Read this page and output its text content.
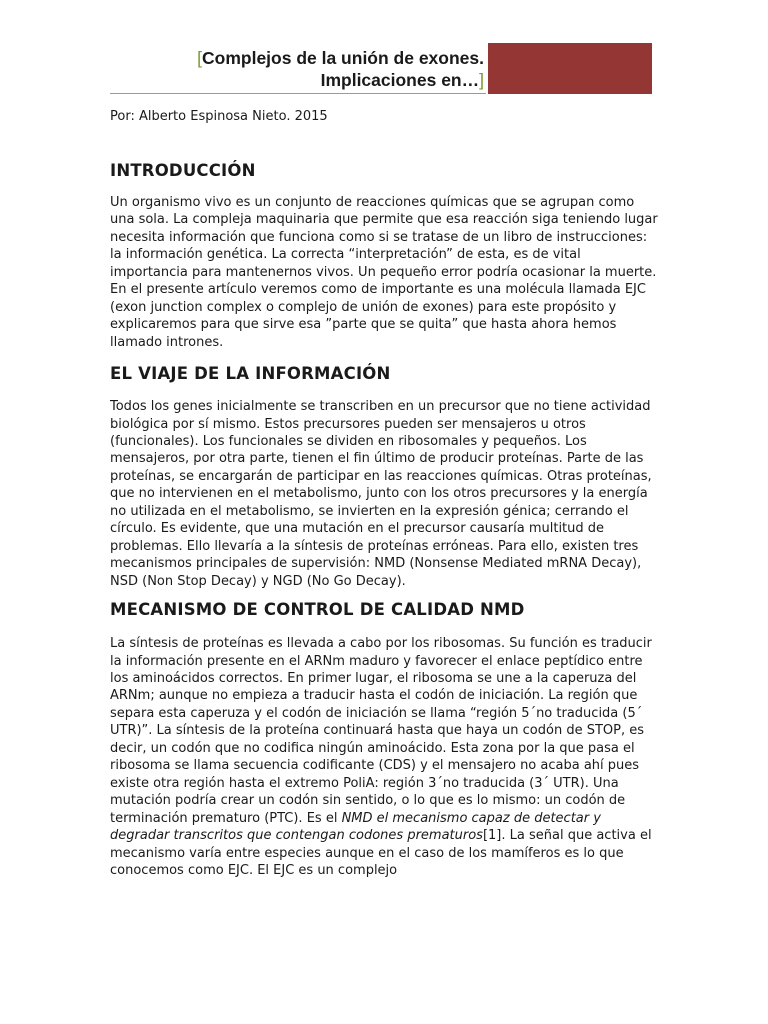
[Complejos de la unión de exones.
Implicaciones en…]
Por: Alberto Espinosa Nieto. 2015
INTRODUCCIÓN

Un organismo vivo es un conjunto de reacciones químicas que se agrupan como una sola. La compleja maquinaria que permite que esa reacción siga teniendo lugar necesita información que funciona como si se tratase de un libro de instrucciones: la información genética. La correcta “interpretación” de esta, es de vital importancia para mantenernos vivos. Un pequeño error podría ocasionar la muerte. En el presente artículo veremos como de importante es una molécula llamada EJC (exon junction complex o complejo de unión de exones) para este propósito y explicaremos para que sirve esa ”parte que se quita” que hasta ahora hemos llamado intrones.

EL VIAJE DE LA INFORMACIÓN

Todos los genes inicialmente se transcriben en un precursor que no tiene actividad biológica por sí mismo. Estos precursores pueden ser mensajeros u otros (funcionales). Los funcionales se dividen en ribosomales y pequeños. Los mensajeros, por otra parte, tienen el fin último de producir proteínas. Parte de las proteínas, se encargarán de participar en las reacciones químicas. Otras proteínas, que no intervienen en el metabolismo, junto con los otros precursores y la energía no utilizada en el metabolismo, se invierten en la expresión génica; cerrando el círculo. Es evidente, que una mutación en el precursor causaría multitud de problemas. Ello llevaría a la síntesis de proteínas erróneas. Para ello, existen tres mecanismos principales de supervisión: NMD (Nonsense Mediated mRNA Decay), NSD (Non Stop Decay) y NGD (No Go Decay).

MECANISMO DE CONTROL DE CALIDAD NMD

La síntesis de proteínas es llevada a cabo por los ribosomas. Su función es traducir la información presente en el ARNm maduro y favorecer el enlace peptídico entre los aminoácidos correctos. En primer lugar, el ribosoma se une a la caperuza del ARNm; aunque no empieza a traducir hasta el codón de iniciación. La región que separa esta caperuza y el codón de iniciación se llama “región 5´no traducida (5´ UTR)”. La síntesis de la proteína continuará hasta que haya un codón de STOP, es decir, un codón que no codifica ningún aminoácido. Esta zona por la que pasa el ribosoma se llama secuencia codificante (CDS) y el mensajero no acaba ahí pues existe otra región hasta el extremo PoliA: región 3´no traducida (3´ UTR). Una mutación podría crear un codón sin sentido, o lo que es lo mismo: un codón de terminación prematuro (PTC). Es el NMD el mecanismo capaz de detectar y degradar transcritos que contengan codones prematuros[1]. La señal que activa el mecanismo varía entre especies aunque en el caso de los mamíferos es lo que conocemos como EJC. El EJC es un complejo
